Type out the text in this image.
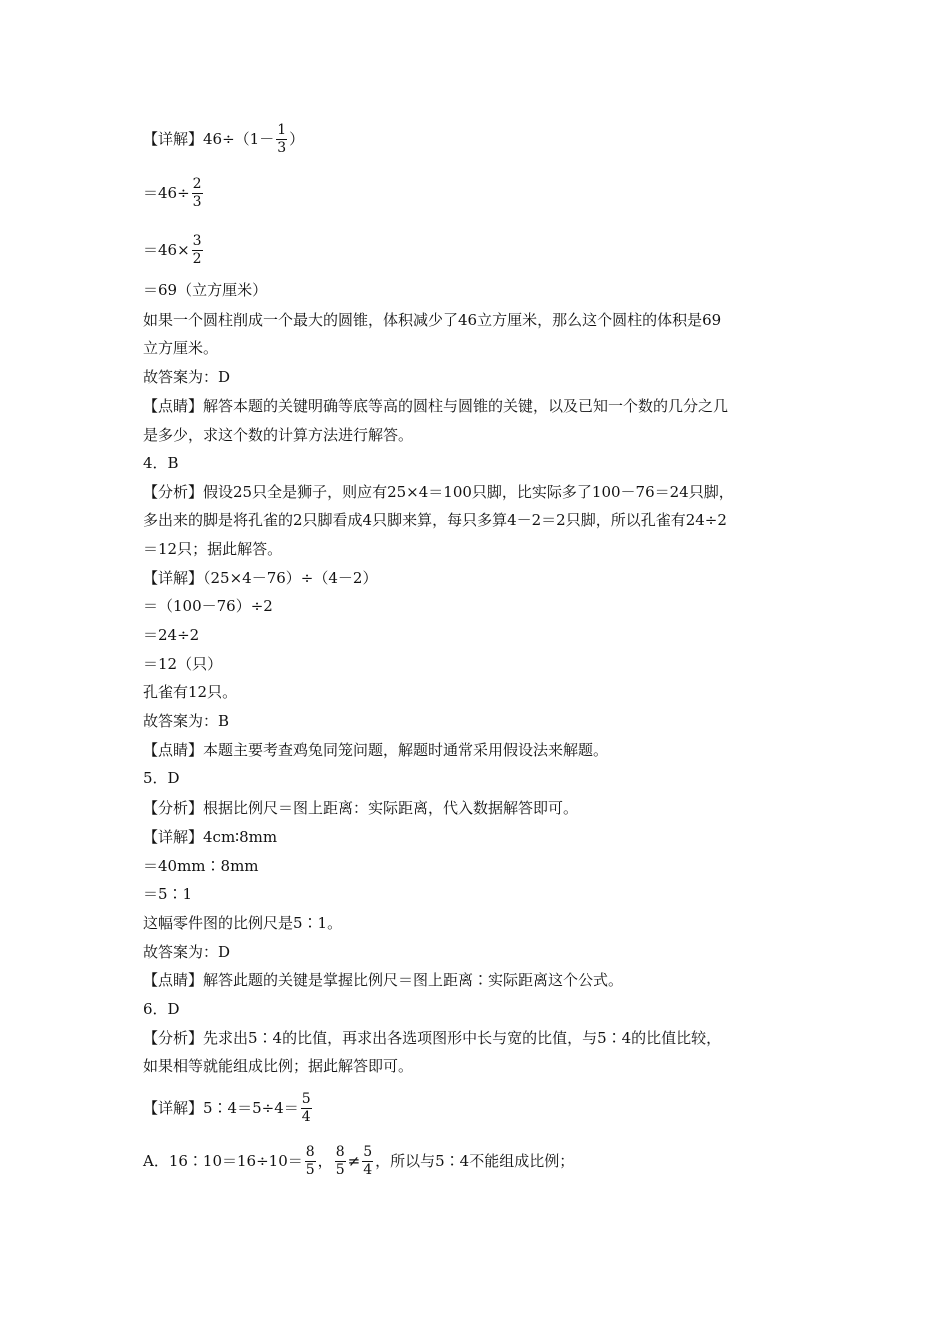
【详解】$46\div(1- \frac{1}{3}$ ）
$=46\div \frac{2}{3}$
$=46\times \frac{3}{2}$
＝69（立方厘米）
如果一个圆柱削成一个最大的圆锥，体积减少了46立方厘米，那么这个圆柱的体积是69
立方厘米。
故答案为：D
【点睛】解答本题的关键明确等底等高的圆柱与圆锥的关键，以及已知一个数的几分之几
是多少，求这个数的计算方法进行解答。
4．B
【分析】假设25只全是狮子，则应有25×4＝100只脚，比实际多了100－76＝24只脚，
多出来的脚是将孔雀的2只脚看成4只脚来算，每只多算4－2＝2只脚，所以孔雀有24÷2
＝12只；据此解答。
【详解】（25×4－76）÷（4－2）
＝（100－76）÷2
＝24÷2
＝12（只）
孔雀有12只。
故答案为：B
【点睛】本题主要考查鸡兔同笼问题，解题时通常采用假设法来解题。
5．D
【分析】根据比例尺＝图上距离：实际距离，代入数据解答即可。
【详解】4cm∶8mm
＝40mm∶8mm
＝5∶1
这幅零件图的比例尺是5∶1。
故答案为：D
【点睛】解答此题的关键是掌握比例尺＝图上距离∶实际距离这个公式。
6．D
【分析】先求出5∶4的比值，再求出各选项图形中长与宽的比值，与5∶4的比值比较，
如果相等就能组成比例；据此解答即可。
【详解】5∶4＝5÷4＝ $\frac{5}{4}$
A．16∶10＝16÷10＝ $\frac{8}{5}$ ， $\frac{8}{5} \ne \frac{5}{4}$ ，所以与5∶4不能组成比例；
